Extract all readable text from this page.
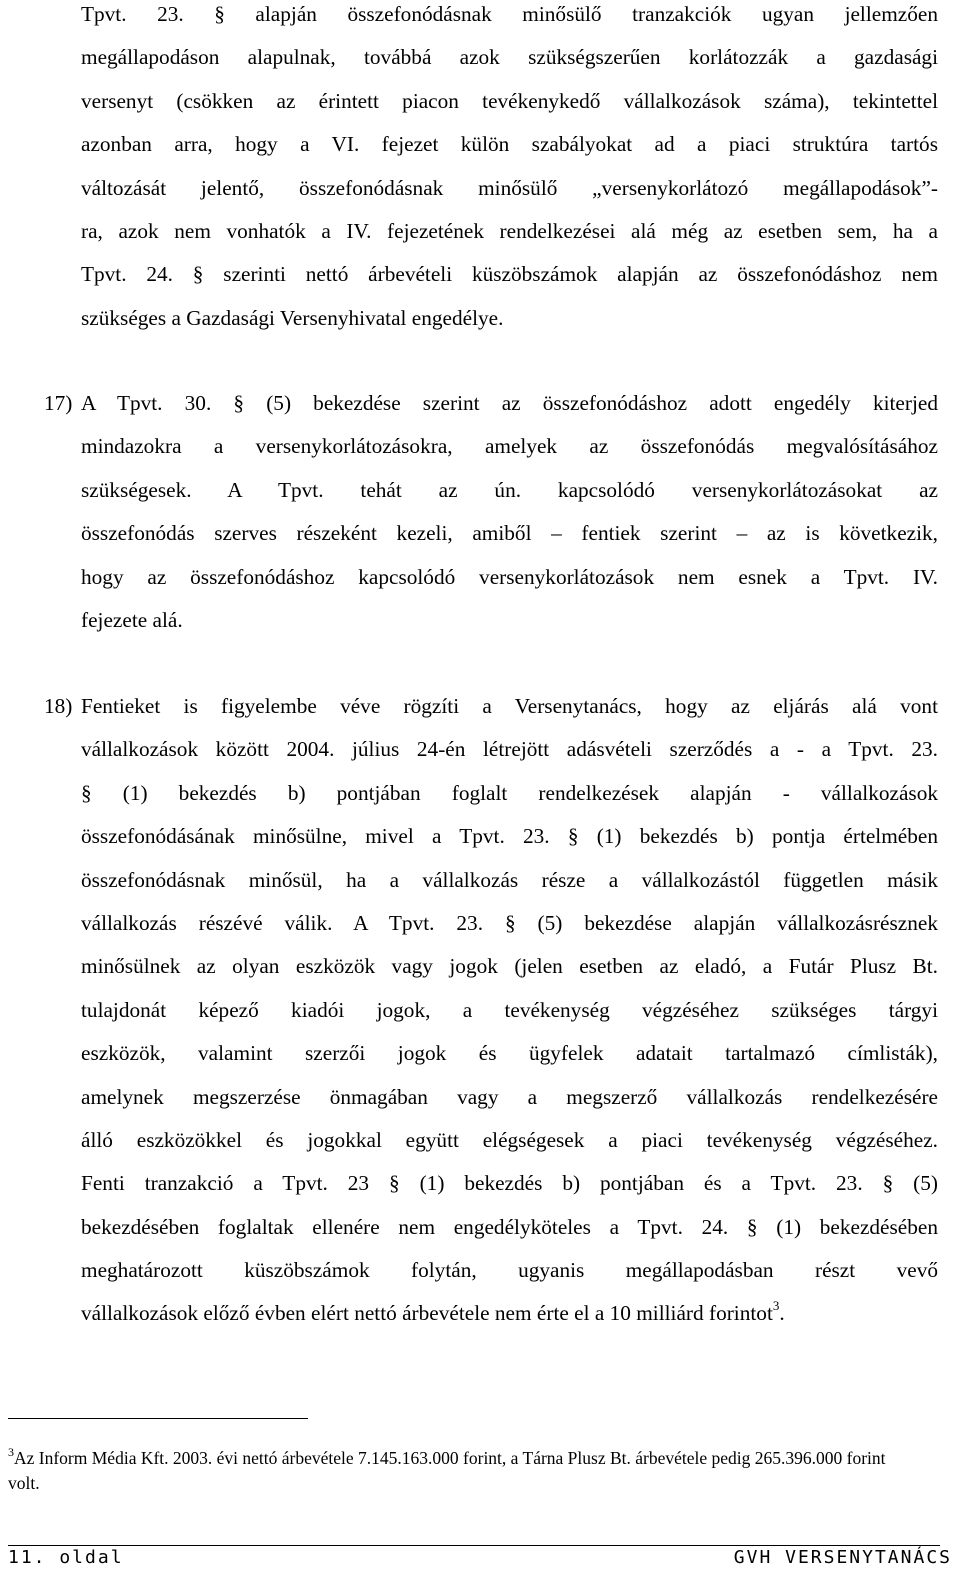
Tpvt. 23. § alapján összefonódásnak minősülő tranzakciók ugyan jellemzően
megállapodáson alapulnak, továbbá azok szükségszerűen korlátozzák a gazdasági
versenyt (csökken az érintett piacon tevékenykedő vállalkozások száma), tekintettel
azonban arra, hogy a VI. fejezet külön szabályokat ad a piaci struktúra tartós
változását jelentő, összefonódásnak minősülő „versenykorlátozó megállapodások”-
ra, azok nem vonhatók a IV. fejezetének rendelkezései alá még az esetben sem, ha a
Tpvt. 24. § szerinti nettó árbevételi küszöbszámok alapján az összefonódáshoz nem
szükséges a Gazdasági Versenyhivatal engedélye.
17) A Tpvt. 30. § (5) bekezdése szerint az összefonódáshoz adott engedély kiterjed
mindazokra a versenykorlátozásokra, amelyek az összefonódás megvalósításához
szükségesek. A Tpvt. tehát az ún. kapcsolódó versenykorlátozásokat az
összefonódás szerves részeként kezeli, amiből – fentiek szerint – az is következik,
hogy az összefonódáshoz kapcsolódó versenykorlátozások nem esnek a Tpvt. IV.
fejezete alá.
18) Fentieket is figyelembe véve rögzíti a Versenytanács, hogy az eljárás alá vont
vállalkozások között 2004. július 24-én létrejött adásvételi szerződés a - a Tpvt. 23.
§ (1) bekezdés b) pontjában foglalt rendelkezések alapján - vállalkozások
összefonódásának minősülne, mivel a Tpvt. 23. § (1) bekezdés b) pontja értelmében
összefonódásnak minősül, ha a vállalkozás része a vállalkozástól független másik
vállalkozás részévé válik. A Tpvt. 23. § (5) bekezdése alapján vállalkozásrésznek
minősülnek az olyan eszközök vagy jogok (jelen esetben az eladó, a Futár Plusz Bt.
tulajdonát képező kiadói jogok, a tevékenység végzéséhez szükséges tárgyi
eszközök, valamint szerzői jogok és ügyfelek adatait tartalmazó címlisták),
amelynek megszerzése önmagában vagy a megszerző vállalkozás rendelkezésére
álló eszközökkel és jogokkal együtt elégségesek a piaci tevékenység végzéséhez.
Fenti tranzakció a Tpvt. 23 § (1) bekezdés b) pontjában és a Tpvt. 23. § (5)
bekezdésében foglaltak ellenére nem engedélyköteles a Tpvt. 24. § (1) bekezdésében
meghatározott küszöbszámok folytán, ugyanis megállapodásban részt vevő
vállalkozások előző évben elért nettó árbevétele nem érte el a 10 milliárd forintot$^3$.
$^3$Az Inform Média Kft. 2003. évi nettó árbevétele 7.145.163.000 forint, a Tárna Plusz Bt. árbevétele pedig 265.396.000 forint volt.
11. oldal	GVH VERSENYTANÁCS
